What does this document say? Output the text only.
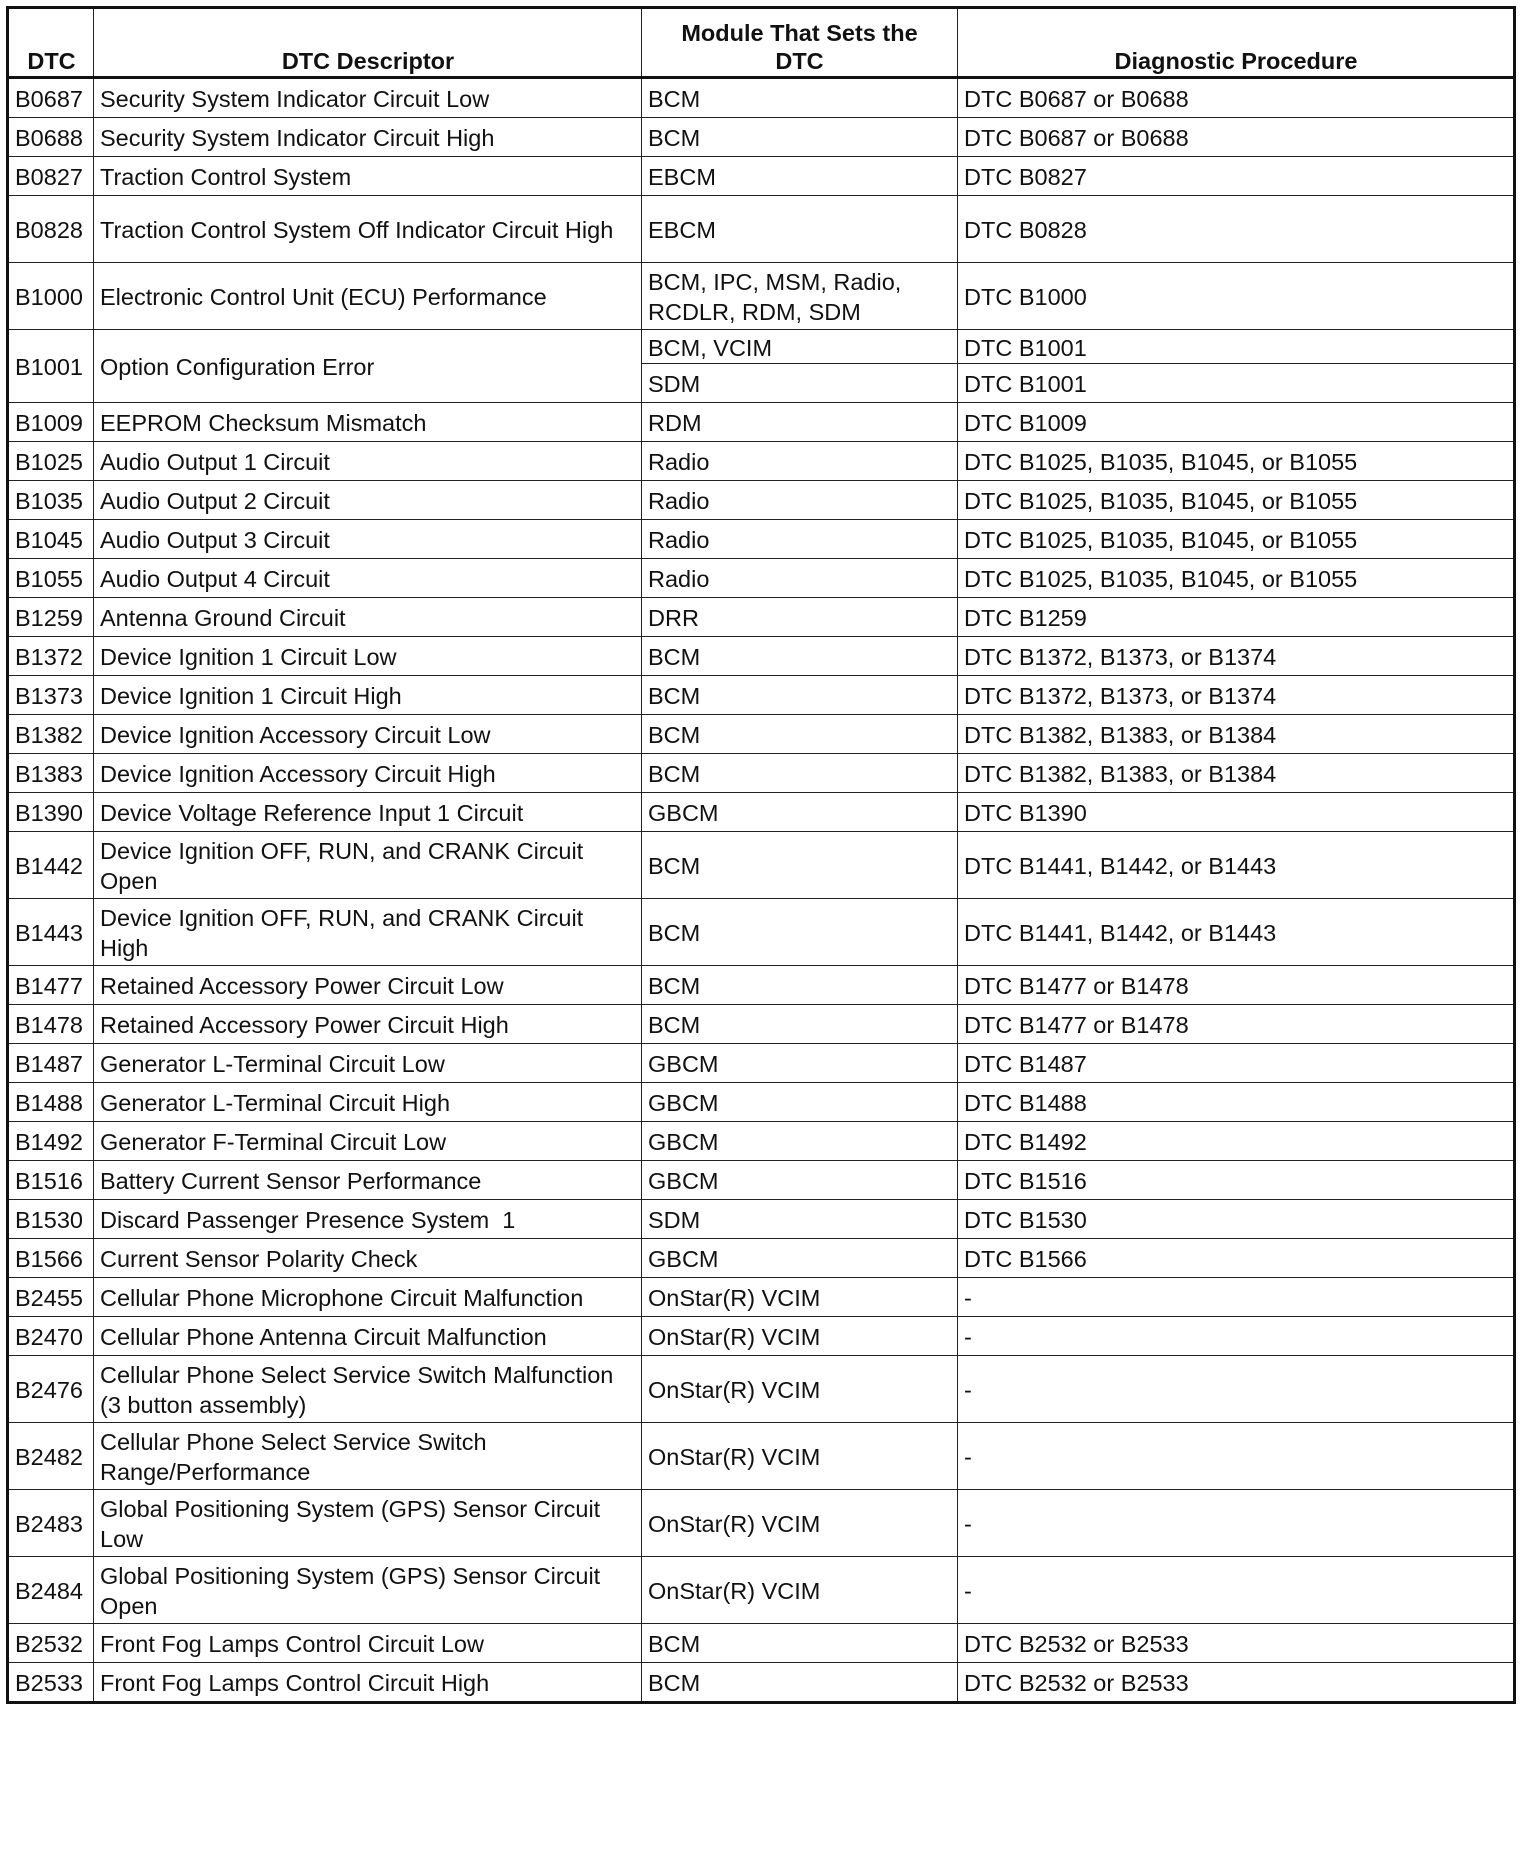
DTC	DTC Descriptor	Module That Sets the DTC	Diagnostic Procedure
B0687	Security System Indicator Circuit Low	BCM	DTC B0687 or B0688
B0688	Security System Indicator Circuit High	BCM	DTC B0687 or B0688
B0827	Traction Control System	EBCM	DTC B0827
B0828	Traction Control System Off Indicator Circuit High	EBCM	DTC B0828
B1000	Electronic Control Unit (ECU) Performance	BCM, IPC, MSM, Radio, RCDLR, RDM, SDM	DTC B1000
B1001	Option Configuration Error	BCM, VCIM	DTC B1001
		SDM	DTC B1001
B1009	EEPROM Checksum Mismatch	RDM	DTC B1009
B1025	Audio Output 1 Circuit	Radio	DTC B1025, B1035, B1045, or B1055
B1035	Audio Output 2 Circuit	Radio	DTC B1025, B1035, B1045, or B1055
B1045	Audio Output 3 Circuit	Radio	DTC B1025, B1035, B1045, or B1055
B1055	Audio Output 4 Circuit	Radio	DTC B1025, B1035, B1045, or B1055
B1259	Antenna Ground Circuit	DRR	DTC B1259
B1372	Device Ignition 1 Circuit Low	BCM	DTC B1372, B1373, or B1374
B1373	Device Ignition 1 Circuit High	BCM	DTC B1372, B1373, or B1374
B1382	Device Ignition Accessory Circuit Low	BCM	DTC B1382, B1383, or B1384
B1383	Device Ignition Accessory Circuit High	BCM	DTC B1382, B1383, or B1384
B1390	Device Voltage Reference Input 1 Circuit	GBCM	DTC B1390
B1442	Device Ignition OFF, RUN, and CRANK Circuit Open	BCM	DTC B1441, B1442, or B1443
B1443	Device Ignition OFF, RUN, and CRANK Circuit High	BCM	DTC B1441, B1442, or B1443
B1477	Retained Accessory Power Circuit Low	BCM	DTC B1477 or B1478
B1478	Retained Accessory Power Circuit High	BCM	DTC B1477 or B1478
B1487	Generator L-Terminal Circuit Low	GBCM	DTC B1487
B1488	Generator L-Terminal Circuit High	GBCM	DTC B1488
B1492	Generator F-Terminal Circuit Low	GBCM	DTC B1492
B1516	Battery Current Sensor Performance	GBCM	DTC B1516
B1530	Discard Passenger Presence System  1	SDM	DTC B1530
B1566	Current Sensor Polarity Check	GBCM	DTC B1566
B2455	Cellular Phone Microphone Circuit Malfunction	OnStar(R) VCIM	-
B2470	Cellular Phone Antenna Circuit Malfunction	OnStar(R) VCIM	-
B2476	Cellular Phone Select Service Switch Malfunction (3 button assembly)	OnStar(R) VCIM	-
B2482	Cellular Phone Select Service Switch Range/Performance	OnStar(R) VCIM	-
B2483	Global Positioning System (GPS) Sensor Circuit Low	OnStar(R) VCIM	-
B2484	Global Positioning System (GPS) Sensor Circuit Open	OnStar(R) VCIM	-
B2532	Front Fog Lamps Control Circuit Low	BCM	DTC B2532 or B2533
B2533	Front Fog Lamps Control Circuit High	BCM	DTC B2532 or B2533
